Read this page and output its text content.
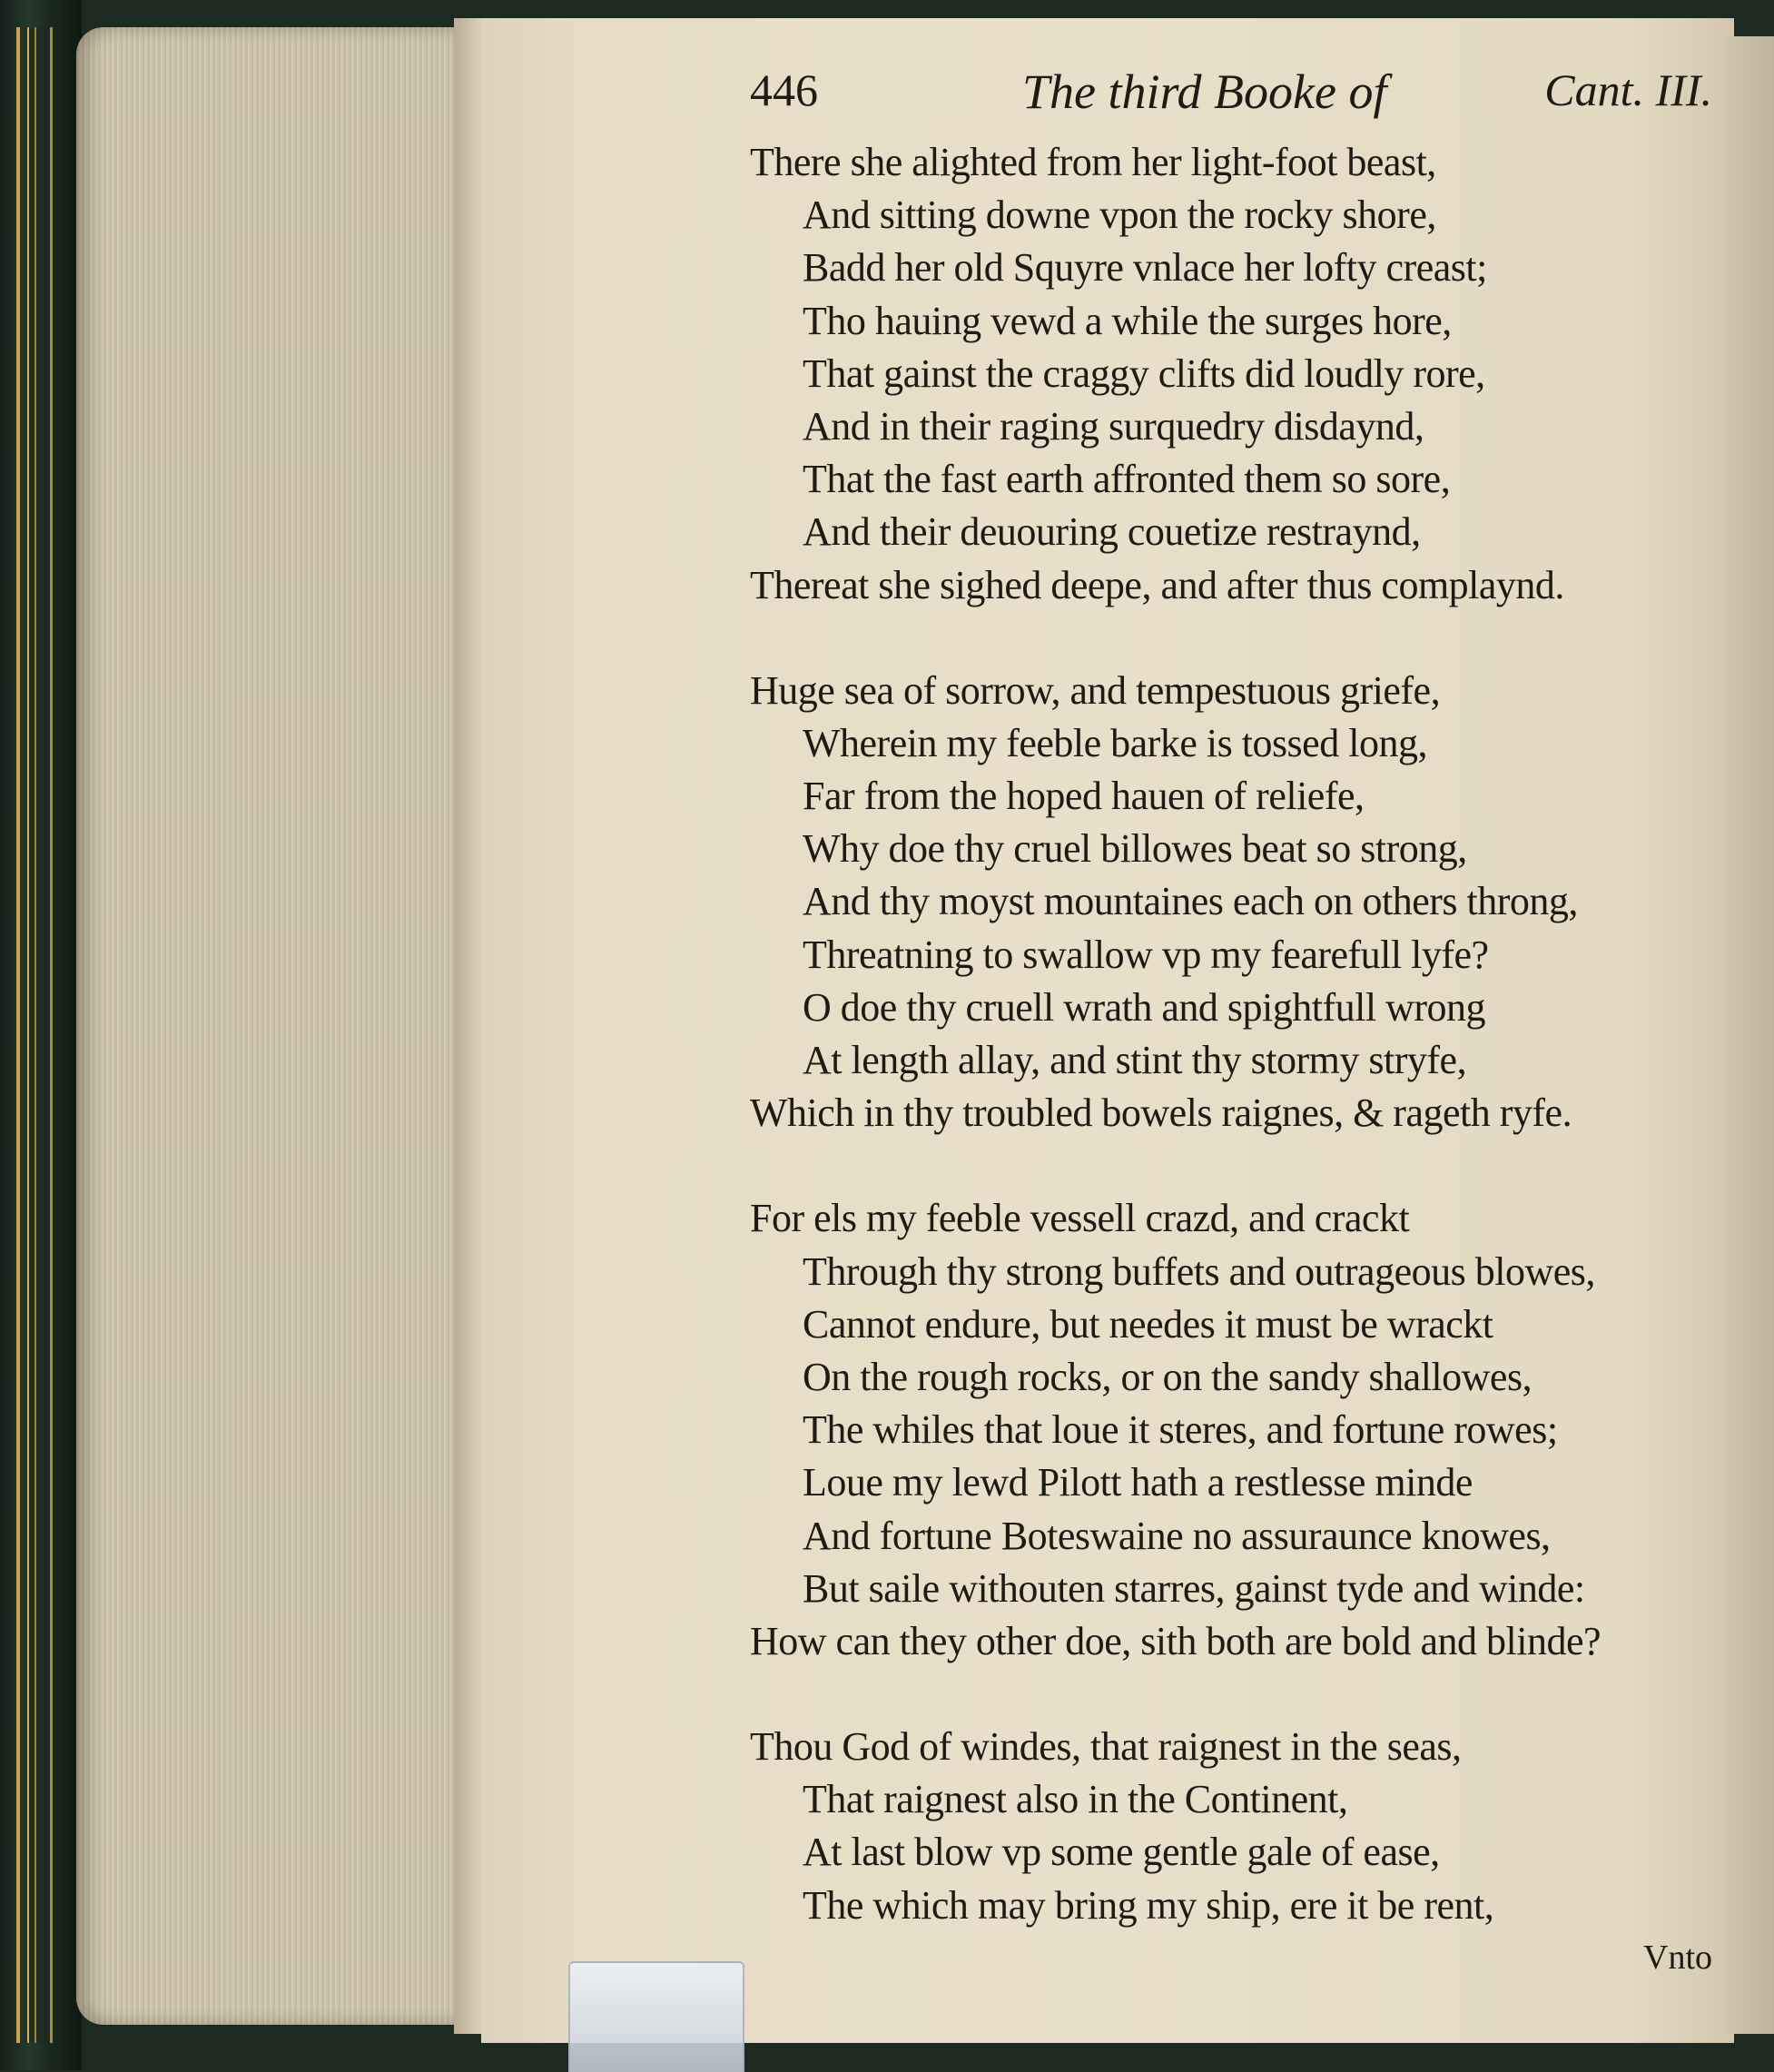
446	The third Booke of	Cant. III.
There she alighted from her light-foot beast,
And sitting downe vpon the rocky shore,
Badd her old Squyre vnlace her lofty creast;
Tho hauing vewd a while the surges hore,
That gainst the craggy clifts did loudly rore,
And in their raging surquedry disdaynd,
That the fast earth affronted them so sore,
And their deuouring couetize restraynd,
Thereat she sighed deepe, and after thus complaynd.
Huge sea of sorrow, and tempestuous griefe,
Wherein my feeble barke is tossed long,
Far from the hoped hauen of reliefe,
Why doe thy cruel billowes beat so strong,
And thy moyst mountaines each on others throng,
Threatning to swallow vp my fearefull lyfe?
O doe thy cruell wrath and spightfull wrong
At length allay, and stint thy stormy stryfe,
Which in thy troubled bowels raignes, & rageth ryfe.
For els my feeble vessell crazd, and crackt
Through thy strong buffets and outrageous blowes,
Cannot endure, but needes it must be wrackt
On the rough rocks, or on the sandy shallowes,
The whiles that loue it steres, and fortune rowes;
Loue my lewd Pilott hath a restlesse minde
And fortune Boteswaine no assuraunce knowes,
But saile withouten starres, gainst tyde and winde:
How can they other doe, sith both are bold and blinde?
Thou God of windes, that raignest in the seas,
That raignest also in the Continent,
At last blow vp some gentle gale of ease,
The which may bring my ship, ere it be rent,
Vnto
